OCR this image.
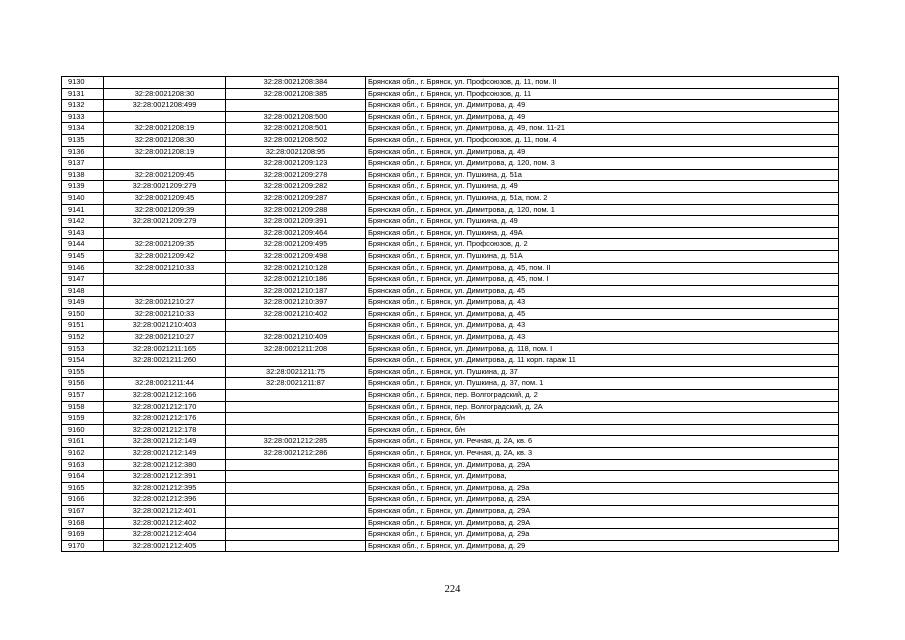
9130		32:28:0021208:384	Брянская обл., г. Брянск, ул. Профсоюзов, д. 11, пом. II
9131	32:28:0021208:30	32:28:0021208:385	Брянская обл., г. Брянск, ул. Профсоюзов, д. 11
9132	32:28:0021208:499		Брянская обл., г. Брянск, ул. Димитрова, д. 49
9133		32:28:0021208:500	Брянская обл., г. Брянск, ул. Димитрова, д. 49
9134	32:28:0021208:19	32:28:0021208:501	Брянская обл., г. Брянск, ул. Димитрова, д. 49, пом. 11-21
9135	32:28:0021208:30	32:28:0021208:502	Брянская обл., г. Брянск, ул. Профсоюзов, д. 11, пом. 4
9136	32:28:0021208:19	32:28:0021208:95	Брянская обл., г. Брянск, ул. Димитрова, д. 49
9137		32:28:0021209:123	Брянская обл., г. Брянск, ул. Димитрова, д. 120, пом. 3
9138	32:28:0021209:45	32:28:0021209:278	Брянская обл., г. Брянск, ул. Пушкина, д. 51а
9139	32:28:0021209:279	32:28:0021209:282	Брянская обл., г. Брянск, ул. Пушкина, д. 49
9140	32:28:0021209:45	32:28:0021209:287	Брянская обл., г. Брянск, ул. Пушкина, д. 51а, пом. 2
9141	32:28:0021209:39	32:28:0021209:288	Брянская обл., г. Брянск, ул. Димитрова, д. 120, пом. 1
9142	32:28:0021209:279	32:28:0021209:391	Брянская обл., г. Брянск, ул. Пушкина, д. 49
9143		32:28:0021209:464	Брянская обл., г. Брянск, ул. Пушкина, д. 49А
9144	32:28:0021209:35	32:28:0021209:495	Брянская обл., г. Брянск, ул. Профсоюзов, д. 2
9145	32:28:0021209:42	32:28:0021209:498	Брянская обл., г. Брянск, ул. Пушкина, д. 51А
9146	32:28:0021210:33	32:28:0021210:128	Брянская обл., г. Брянск, ул. Димитрова, д. 45, пом. II
9147		32:28:0021210:186	Брянская обл., г. Брянск, ул. Димитрова, д. 45, пом. I
9148		32:28:0021210:187	Брянская обл., г. Брянск, ул. Димитрова, д. 45
9149	32:28:0021210:27	32:28:0021210:397	Брянская обл., г. Брянск, ул. Димитрова, д. 43
9150	32:28:0021210:33	32:28:0021210:402	Брянская обл., г. Брянск, ул. Димитрова, д. 45
9151	32:28:0021210:403		Брянская обл., г. Брянск, ул. Димитрова, д. 43
9152	32:28:0021210:27	32:28:0021210:409	Брянская обл., г. Брянск, ул. Димитрова, д. 43
9153	32:28:0021211:165	32:28:0021211:208	Брянская обл., г. Брянск, ул. Димитрова, д. 118, пом. I
9154	32:28:0021211:260		Брянская обл., г. Брянск, ул. Димитрова, д. 11 корп. гараж 11
9155		32:28:0021211:75	Брянская обл., г. Брянск, ул. Пушкина, д. 37
9156	32:28:0021211:44	32:28:0021211:87	Брянская обл., г. Брянск, ул. Пушкина, д. 37, пом. 1
9157	32:28:0021212:166		Брянская обл., г. Брянск, пер. Волгоградский, д. 2
9158	32:28:0021212:170		Брянская обл., г. Брянск, пер. Волгоградский, д. 2А
9159	32:28:0021212:176		Брянская обл., г. Брянск, б/н
9160	32:28:0021212:178		Брянская обл., г. Брянск, б/н
9161	32:28:0021212:149	32:28:0021212:285	Брянская обл., г. Брянск, ул. Речная, д. 2А, кв. 6
9162	32:28:0021212:149	32:28:0021212:286	Брянская обл., г. Брянск, ул. Речная, д. 2А, кв. 3
9163	32:28:0021212:380		Брянская обл., г. Брянск, ул. Димитрова, д. 29А
9164	32:28:0021212:391		Брянская обл., г. Брянск, ул. Димитрова,
9165	32:28:0021212:395		Брянская обл., г. Брянск, ул. Димитрова, д. 29а
9166	32:28:0021212:396		Брянская обл., г. Брянск, ул. Димитрова, д. 29А
9167	32:28:0021212:401		Брянская обл., г. Брянск, ул. Димитрова, д. 29А
9168	32:28:0021212:402		Брянская обл., г. Брянск, ул. Димитрова, д. 29А
9169	32:28:0021212:404		Брянская обл., г. Брянск, ул. Димитрова, д. 29а
9170	32:28:0021212:405		Брянская обл., г. Брянск, ул. Димитрова, д. 29
224
